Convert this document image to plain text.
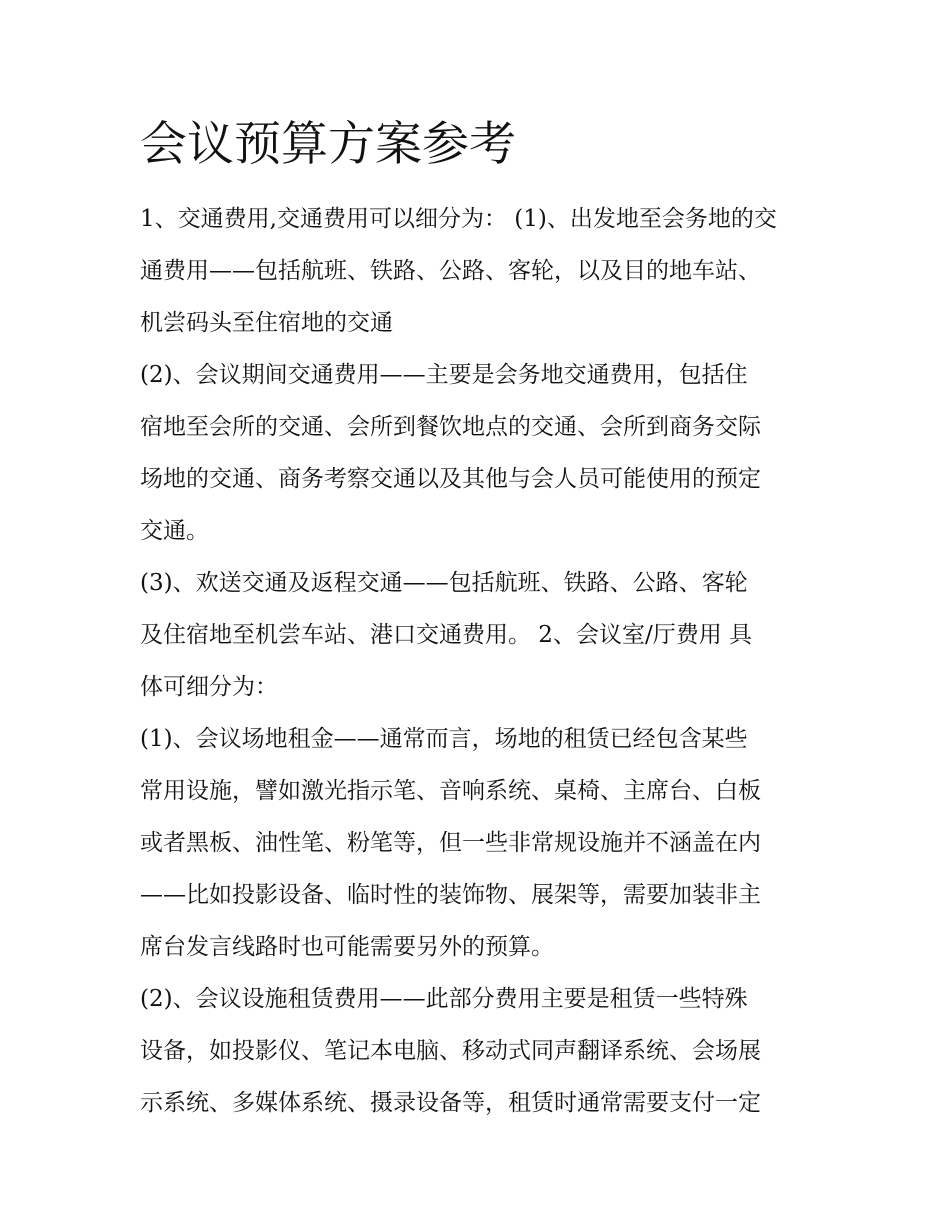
会议预算方案参考
1、交通费用,交通费用可以细分为： (1)、出发地至会务地的交
通费用——包括航班、铁路、公路、客轮，以及目的地车站、
机尝码头至住宿地的交通
(2)、会议期间交通费用——主要是会务地交通费用，包括住
宿地至会所的交通、会所到餐饮地点的交通、会所到商务交际
场地的交通、商务考察交通以及其他与会人员可能使用的预定
交通。
(3)、欢送交通及返程交通——包括航班、铁路、公路、客轮
及住宿地至机尝车站、港口交通费用。 2、会议室/厅费用 具
体可细分为：
(1)、会议场地租金——通常而言，场地的租赁已经包含某些
常用设施，譬如激光指示笔、音响系统、桌椅、主席台、白板
或者黑板、油性笔、粉笔等，但一些非常规设施并不涵盖在内
——比如投影设备、临时性的装饰物、展架等，需要加装非主
席台发言线路时也可能需要另外的预算。
(2)、会议设施租赁费用——此部分费用主要是租赁一些特殊
设备，如投影仪、笔记本电脑、移动式同声翻译系统、会场展
示系统、多媒体系统、摄录设备等，租赁时通常需要支付一定
